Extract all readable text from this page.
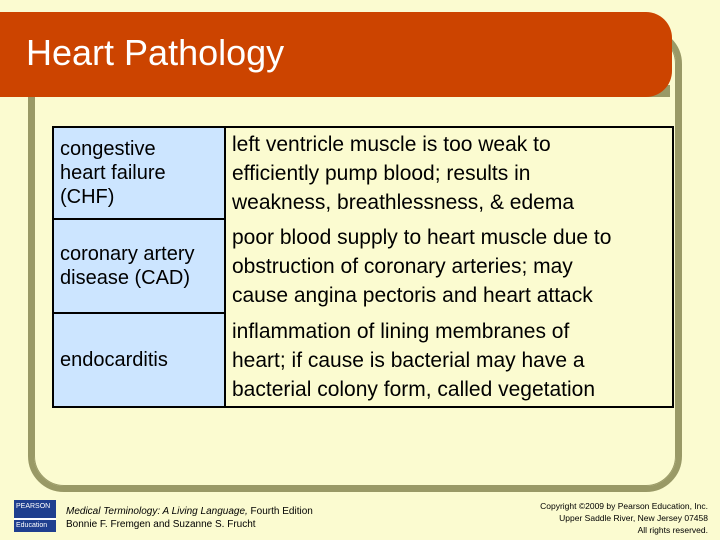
Heart Pathology
congestive
heart failure
(CHF)
left ventricle muscle is too weak to
efficiently pump blood; results in
weakness, breathlessness, & edema
coronary artery
disease (CAD)
poor blood supply to heart muscle due to
obstruction of coronary arteries; may
cause angina pectoris and heart attack
endocarditis
inflammation of lining membranes of
heart; if cause is bacterial may have a
bacterial colony form, called vegetation
PEARSON
Education
Medical Terminology: A Living Language, Fourth Edition
Bonnie F. Fremgen and Suzanne S. Frucht
Copyright ©2009 by Pearson Education, Inc.
Upper Saddle River, New Jersey 07458
All rights reserved.
